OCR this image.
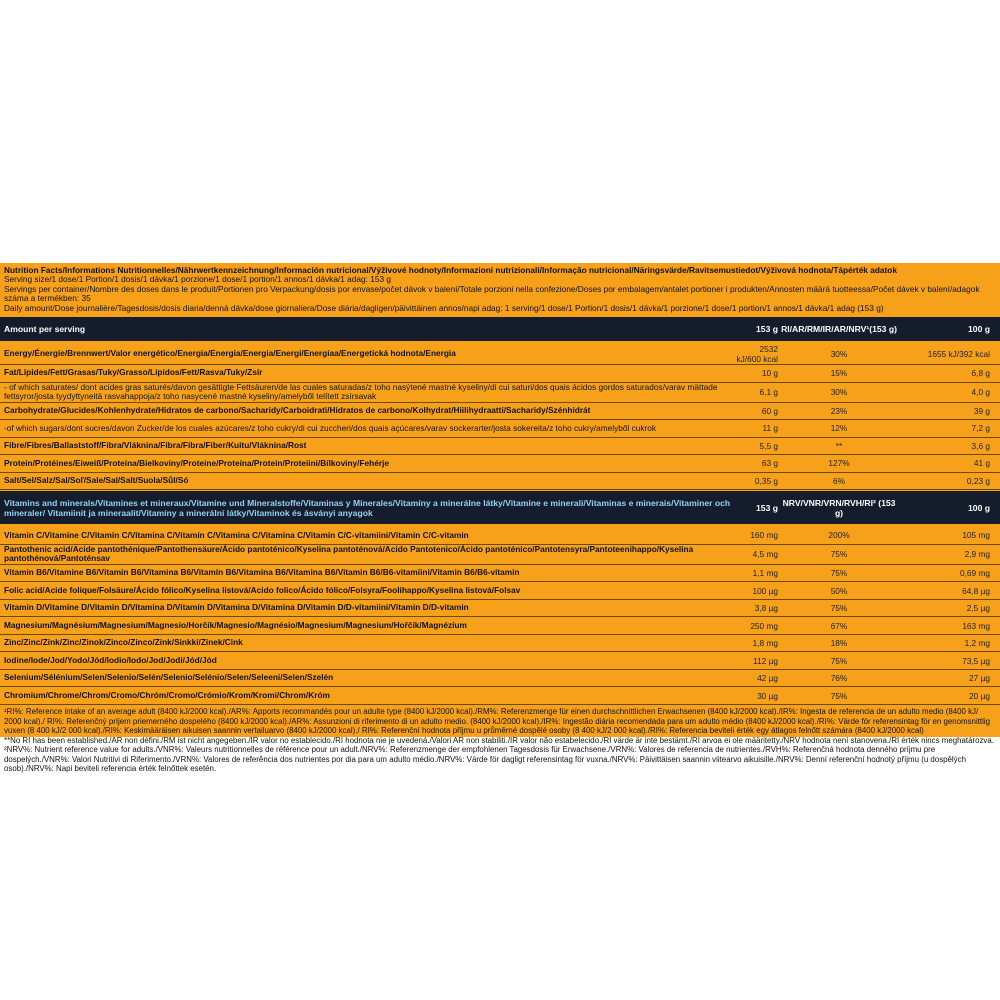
Nutrition Facts/Informations Nutritionnelles/Nährwertkennzeichnung/Información nutricional/Výživové hodnoty/Informazioni nutrizionali/Informação nutricional/Näringsvärde/Ravitsemustiedot/Výživová hodnota/Tápérték adatok
Serving size/1 dose/1 Portion/1 dosis/1 dávka/1 porzione/1 dose/1 portion/1 annos/1 dávka/1 adag: 153 g
Servings per container/Nombre des doses dans le produit/Portionen pro Verpackung/dosis por envase/počet dávok v balení/Totale porzioni nella confezione/Doses por embalagem/antalet portioner i produkten/Annosten määrä tuotteessa/Počet dávek v balení/adagok száma a termékben: 35
Daily amount/Dose journalière/Tagesdosis/dosis diaria/denná dávka/dose giornaliera/Dose diária/dagligen/päivittäinen annos/napi adag: 1 serving/1 dose/1 Portion/1 dosis/1 dávka/1 porzione/1 dose/1 portion/1 annos/1 dávka/1 adag (153 g)
Amount per serving	153 g RI/AR/RM/IR/AR/NRV¹(153 g)	100 g
Energy/Énergie/Brennwert/Valor energético/Energia/Energia/Energia/Energi/Energiaa/Energetická hodnota/Energia	2532 kJ/600 kcal	30%	1655 kJ/392 kcal
Fat/Lipides/Fett/Grasas/Tuky/Grasso/Lípidos/Fett/Rasva/Tuky/Zsír	10 g	15%	6,8 g
- of which saturates/ dont acides gras saturés/davon gesättigte Fettsäuren/de las cuales saturadas/z toho nasýtené mastné kyseliny/di cui saturi/dos quais ácidos gordos saturados/varav mättade fettsyror/josta tyydyttyneitä rasvahappoja/z toho nasycené mastné kyseliny/amelyből telített zsírsavak	6,1 g	30%	4,0 g
Carbohydrate/Glucides/Kohlenhydrate/Hidratos de carbono/Sacharidy/Carboidrati/Hidratos de carbono/Kolhydrat/Hiilihydraatti/Sacharidy/Szénhidrát	60 g	23%	39 g
-of which sugars/dont sucres/davon Zucker/de los cuales azúcares/z toho cukry/di cui zuccheri/dos quais açúcares/varav sockerarter/josta sokereita/z toho cukry/amelyből cukrok	11 g	12%	7,2 g
Fibre/Fibres/Ballaststoff/Fibra/Vláknina/Fibra/Fibra/Fiber/Kuitu/Vláknina/Rost	5,5 g	**	3,6 g
Protein/Protéines/Eiweiß/Proteína/Bielkoviny/Proteine/Proteína/Protein/Proteiini/Bílkoviny/Fehérje	63 g	127%	41 g
Salt/Sel/Salz/Sal/Soľ/Sale/Sal/Salt/Suola/Sůl/Só	0,35 g	6%	0,23 g
Vitamins and minerals/Vitamines et mineraux/Vitamine und Mineralstoffe/Vitaminas y Minerales/Vitamíny a minerálne látky/Vitamine e minerali/Vitaminas e minerais/Vitaminer och mineraler/ Vitamiinit ja mineraalit/Vitamíny a minerální látky/Vitaminok és ásványi anyagok	153 g NRV/VNR/VRN/RVH/RI² (153 g)	100 g
Vitamin C/Vitamine C/Vitamin C/Vitamina C/Vitamín C/Vitamina C/Vitamina C/Vitamin C/C-vitamiini/Vitamin C/C-vitamin	160 mg	200%	105 mg
Pantothenic acid/Acide pantothénique/Pantothensäure/Ácido pantoténico/Kyselina pantoténová/Acido Pantotenico/Ácido pantoténico/Pantotensyra/Pantoteenihappo/Kyselina pantothénová/Pantoténsav	4,5 mg	75%	2,9 mg
Vitamin B6/Vitamine B6/Vitamin B6/Vitamina B6/Vitamín B6/Vitamina B6/Vitamina B6/Vitamin B6/B6-vitamiini/Vitamin B6/B6-vitamin	1,1 mg	75%	0,69 mg
Folic acid/Acide folique/Folsäure/Ácido fólico/Kyselina listová/Acido folico/Ácido fólico/Folsyra/Foolihappo/Kyselina listová/Folsav	100 µg	50%	64,8 µg
Vitamin D/Vitamine D/Vitamin D/Vitamina D/Vitamín D/Vitamina D/Vitamina D/Vitamin D/D-vitamiini/Vitamin D/D-vitamin	3,8 µg	75%	2,5 µg
Magnesium/Magnésium/Magnesium/Magnesio/Horčík/Magnesio/Magnésio/Magnesium/Magnesium/Hořčík/Magnézium	250 mg	67%	163 mg
Zinc/Zinc/Zink/Zinc/Zinok/Zinco/Zinco/Zink/Sinkki/Zinek/Cink	1,8 mg	18%	1,2 mg
Iodine/Iode/Jod/Yodo/Jód/Iodio/Iodo/Jod/Jodi/Jód/Jód	112 µg	75%	73,5 µg
Selenium/Sélénium/Selen/Selenio/Selén/Selenio/Selénio/Selen/Seleeni/Selen/Szelén	42 µg	76%	27 µg
Chromium/Chrome/Chrom/Cromo/Chróm/Cromo/Crómio/Krom/Kromi/Chrom/Króm	30 µg	75%	20 µg
¹RI%: Reference intake of an average adult (8400 kJ/2000 kcal)./AR%: Apports recommandés pour un adulte type (8400 kJ/2000 kcal)./RM%: Referenzmenge für einen durchschnittlichen Erwachsenen (8400 kJ/2000 kcal)./IR%: Ingesta de referencia de un adulto medio (8400 kJ/ 2000 kcal)./ RI%: Referenčný príjem priemerného dospelého (8400 kJ/2000 kcal)./AR%: Assunzioni di riferimento di un adulto medio. (8400 kJ/2000 kcal)./IR%: Ingestão diária recomendada para um adulto médio (8400 kJ/2000 kcal)./RI%: Värde för referensintag för en genomsnittlig vuxen (8 400 kJ/2 000 kcal)./RI%: Keskimääräisen aikuisen saannin vertailuarvo (8400 kJ/2000 kcal)./ RI%: Referenční hodnota příjmu u průměrné dospělé osoby (8 400 kJ/2 000 kcal)./RI%: Referencia beviteli érték egy átlagos felnőtt számára (8400 kJ/2000 kcal)
**No RI has been established./AR non défini./RM ist nicht angegeben./IR valor no establecido./RI hodnota nie je uvedená./Valori AR non stabiliti./IR valor não estabelecido./RI värde är inte bestämt./RI arvoa ei ole määritetty./NRV hodnota není stanovena./RI érték nincs meghatározva.
²NRV%: Nutrient reference value for adults./VNR%: Valeurs nutritionnelles de référence pour un adult./NRV%: Referenzmenge der empfohlenen Tagesdosis für Erwachsene./VRN%: Valores de referencia de nutrientes./RVH%: Referenčná hodnota denného príjmu pre dospelých./VNR%: Valori Nutritivi di Riferimento./VRN%: Valores de referência dos nutrientes por dia para um adulto médio./NRV%: Värde för dagligt referensintag för vuxna./NRV%: Päivittäisen saannin viitearvo aikuisille./NRV%: Denní referenční hodnotý příjmu (u dospělých osob)./NRV%: Napi beviteli referencia érték felnőttek esetén.
